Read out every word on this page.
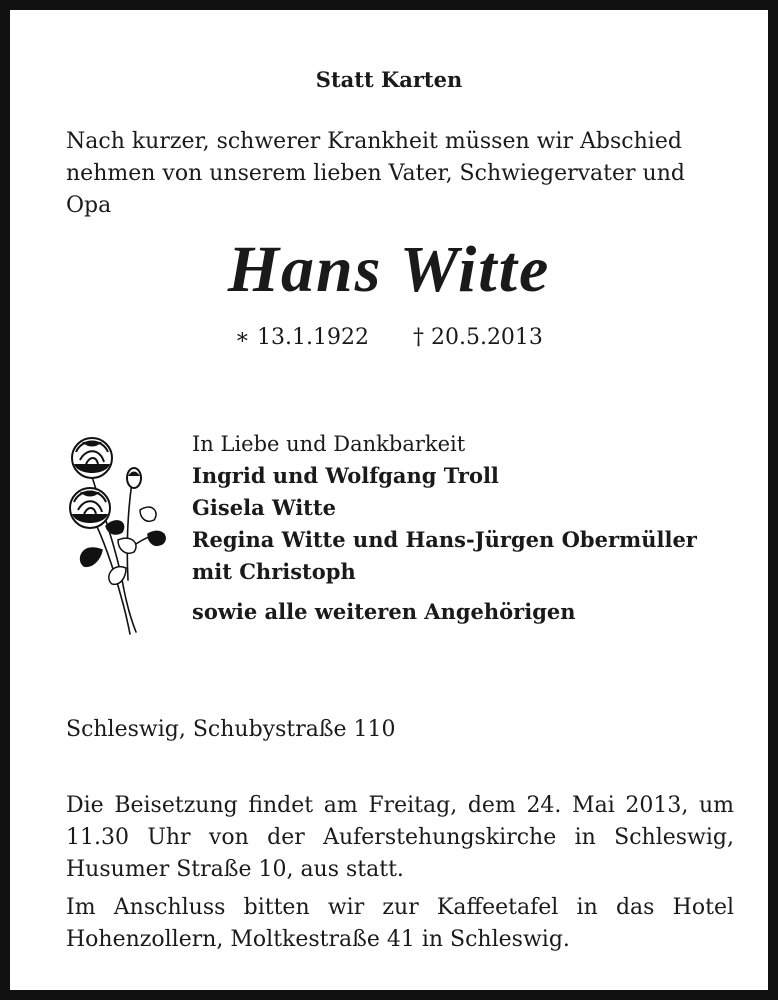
Statt Karten
Nach kurzer, schwerer Krankheit müssen wir Abschied nehmen von unserem lieben Vater, Schwiegervater und Opa
Hans Witte
∗ 13.1.1922 † 20.5.2013
In Liebe und Dankbarkeit
Ingrid und Wolfgang Troll
Gisela Witte
Regina Witte und Hans-Jürgen Obermüller
mit Christoph
sowie alle weiteren Angehörigen
Schleswig, Schubystraße 110
Die Beisetzung findet am Freitag, dem 24. Mai 2013, um 11.30 Uhr von der Auferstehungskirche in Schleswig, Husumer Straße 10, aus statt.
Im Anschluss bitten wir zur Kaffeetafel in das Hotel Hohenzollern, Moltkestraße 41 in Schleswig.
